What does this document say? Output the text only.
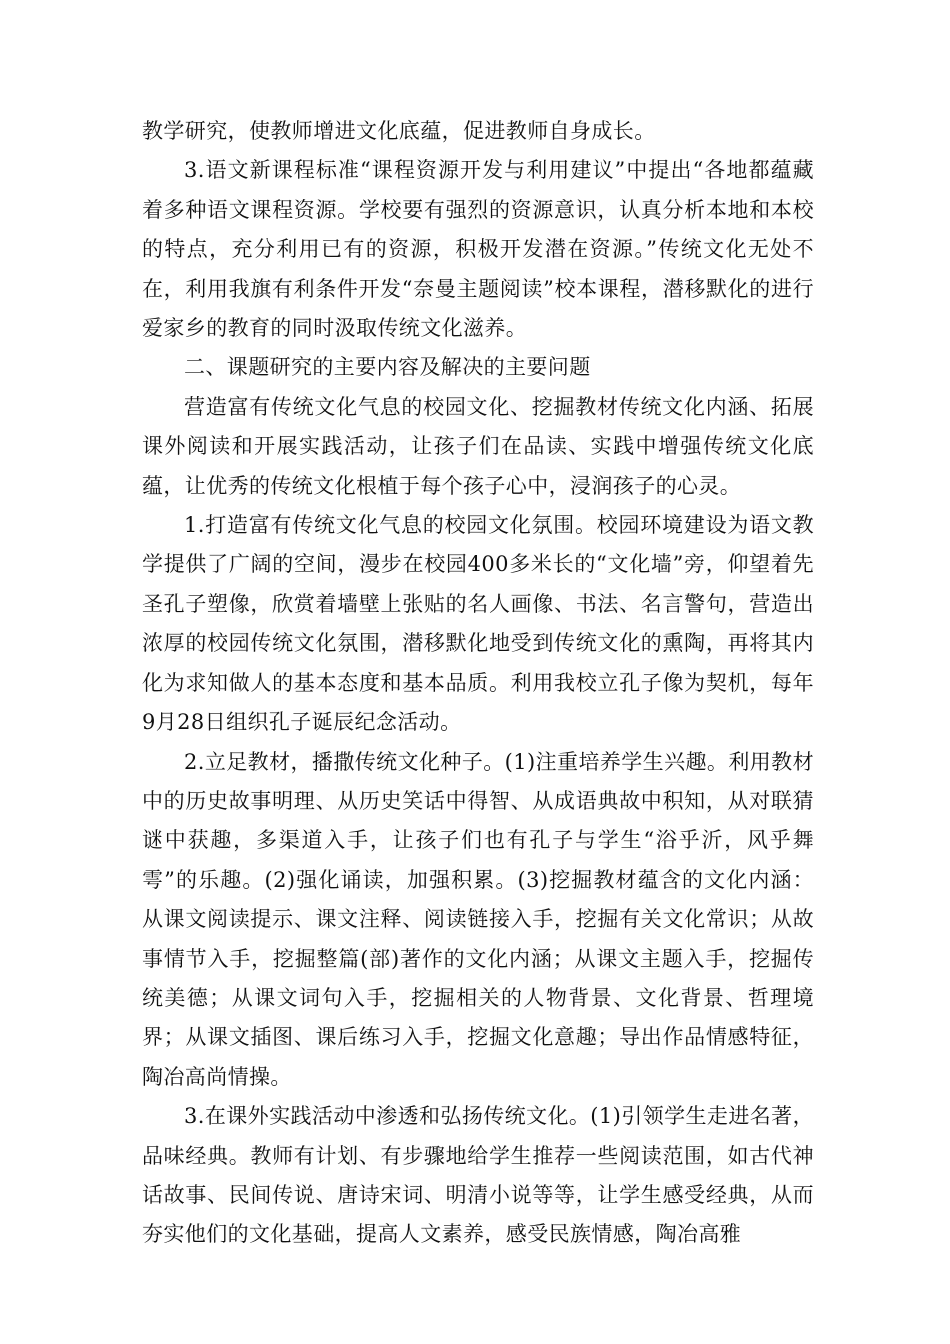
教学研究，使教师增进文化底蕴，促进教师自身成长。

3.语文新课程标准“课程资源开发与利用建议”中提出“各地都蕴藏着多种语文课程资源。学校要有强烈的资源意识，认真分析本地和本校的特点，充分利用已有的资源，积极开发潜在资源。”传统文化无处不在，利用我旗有利条件开发“奈曼主题阅读”校本课程，潜移默化的进行爱家乡的教育的同时汲取传统文化滋养。

二、课题研究的主要内容及解决的主要问题

营造富有传统文化气息的校园文化、挖掘教材传统文化内涵、拓展课外阅读和开展实践活动，让孩子们在品读、实践中增强传统文化底蕴，让优秀的传统文化根植于每个孩子心中，浸润孩子的心灵。

1.打造富有传统文化气息的校园文化氛围。校园环境建设为语文教学提供了广阔的空间，漫步在校园400多米长的“文化墙”旁，仰望着先圣孔子塑像，欣赏着墙壁上张贴的名人画像、书法、名言警句，营造出浓厚的校园传统文化氛围，潜移默化地受到传统文化的熏陶，再将其内化为求知做人的基本态度和基本品质。利用我校立孔子像为契机，每年9月28日组织孔子诞辰纪念活动。

2.立足教材，播撒传统文化种子。(1)注重培养学生兴趣。利用教材中的历史故事明理、从历史笑话中得智、从成语典故中积知，从对联猜谜中获趣，多渠道入手，让孩子们也有孔子与学生“浴乎沂，风乎舞雩”的乐趣。(2)强化诵读，加强积累。(3)挖掘教材蕴含的文化内涵：从课文阅读提示、课文注释、阅读链接入手，挖掘有关文化常识；从故事情节入手，挖掘整篇(部)著作的文化内涵；从课文主题入手，挖掘传统美德；从课文词句入手，挖掘相关的人物背景、文化背景、哲理境界；从课文插图、课后练习入手，挖掘文化意趣；导出作品情感特征，陶冶高尚情操。

3.在课外实践活动中渗透和弘扬传统文化。(1)引领学生走进名著，品味经典。教师有计划、有步骤地给学生推荐一些阅读范围，如古代神话故事、民间传说、唐诗宋词、明清小说等等，让学生感受经典，从而夯实他们的文化基础，提高人文素养，感受民族情感，陶冶高雅
